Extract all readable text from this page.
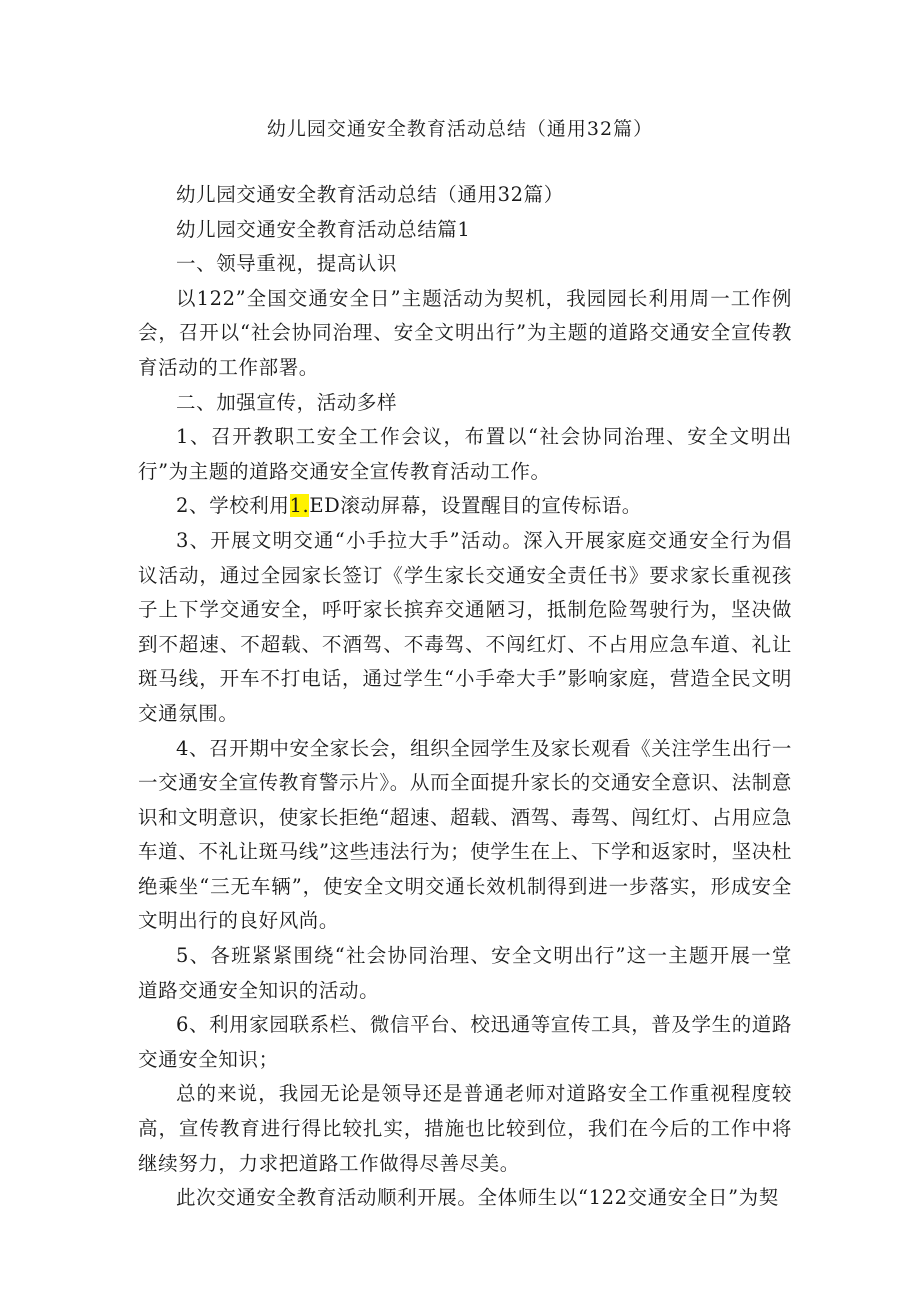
幼儿园交通安全教育活动总结（通用32篇）

幼儿园交通安全教育活动总结（通用32篇）

幼儿园交通安全教育活动总结篇1

一、领导重视，提高认识

以122”全国交通安全日”主题活动为契机，我园园长利用周一工作例会，召开以“社会协同治理、安全文明出行”为主题的道路交通安全宣传教育活动的工作部署。

二、加强宣传，活动多样

1、召开教职工安全工作会议，布置以“社会协同治理、安全文明出行”为主题的道路交通安全宣传教育活动工作。

2、学校利用1.ED滚动屏幕，设置醒目的宣传标语。

3、开展文明交通“小手拉大手”活动。深入开展家庭交通安全行为倡议活动，通过全园家长签订《学生家长交通安全责任书》要求家长重视孩子上下学交通安全，呼吁家长摈弃交通陋习，抵制危险驾驶行为，坚决做到不超速、不超载、不酒驾、不毒驾、不闯红灯、不占用应急车道、礼让斑马线，开车不打电话，通过学生“小手牵大手”影响家庭，营造全民文明交通氛围。

4、召开期中安全家长会，组织全园学生及家长观看《关注学生出行一一交通安全宣传教育警示片》。从而全面提升家长的交通安全意识、法制意识和文明意识，使家长拒绝“超速、超载、酒驾、毒驾、闯红灯、占用应急车道、不礼让斑马线”这些违法行为；使学生在上、下学和返家时，坚决杜绝乘坐“三无车辆”，使安全文明交通长效机制得到进一步落实，形成安全文明出行的良好风尚。

5、各班紧紧围绕“社会协同治理、安全文明出行”这一主题开展一堂道路交通安全知识的活动。

6、利用家园联系栏、微信平台、校迅通等宣传工具，普及学生的道路交通安全知识；

总的来说，我园无论是领导还是普通老师对道路安全工作重视程度较高，宣传教育进行得比较扎实，措施也比较到位，我们在今后的工作中将继续努力，力求把道路工作做得尽善尽美。

此次交通安全教育活动顺利开展。全体师生以“122交通安全日”为契
